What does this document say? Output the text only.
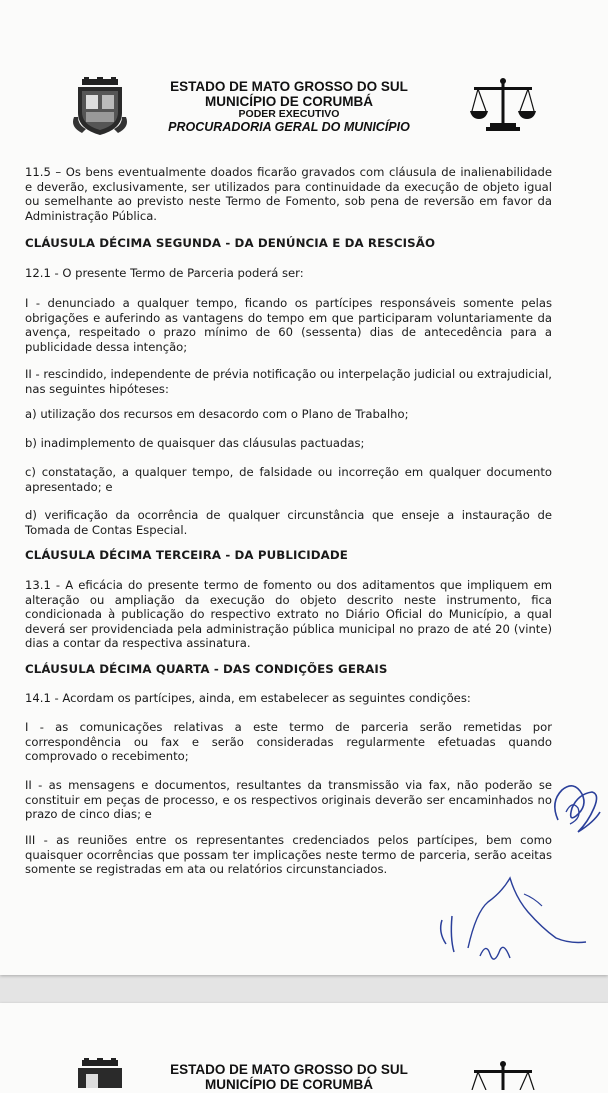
ESTADO DE MATO GROSSO DO SUL
MUNICÍPIO DE CORUMBÁ
PODER EXECUTIVO
PROCURADORIA GERAL DO MUNICÍPIO

11.5 – Os bens eventualmente doados ficarão gravados com cláusula de inalienabilidade e deverão, exclusivamente, ser utilizados para continuidade da execução de objeto igual ou semelhante ao previsto neste Termo de Fomento, sob pena de reversão em favor da Administração Pública.

CLÁUSULA DÉCIMA SEGUNDA - DA DENÚNCIA E DA RESCISÃO

12.1 - O presente Termo de Parceria poderá ser:

I - denunciado a qualquer tempo, ficando os partícipes responsáveis somente pelas obrigações e auferindo as vantagens do tempo em que participaram voluntariamente da avença, respeitado o prazo mínimo de 60 (sessenta) dias de antecedência para a publicidade dessa intenção;

II - rescindido, independente de prévia notificação ou interpelação judicial ou extrajudicial, nas seguintes hipóteses:

a) utilização dos recursos em desacordo com o Plano de Trabalho;

b) inadimplemento de quaisquer das cláusulas pactuadas;

c) constatação, a qualquer tempo, de falsidade ou incorreção em qualquer documento apresentado; e

d) verificação da ocorrência de qualquer circunstância que enseje a instauração de Tomada de Contas Especial.

CLÁUSULA DÉCIMA TERCEIRA - DA PUBLICIDADE

13.1 - A eficácia do presente termo de fomento ou dos aditamentos que impliquem em alteração ou ampliação da execução do objeto descrito neste instrumento, fica condicionada à publicação do respectivo extrato no Diário Oficial do Município, a qual deverá ser providenciada pela administração pública municipal no prazo de até 20 (vinte) dias a contar da respectiva assinatura.

CLÁUSULA DÉCIMA QUARTA - DAS CONDIÇÕES GERAIS

14.1 - Acordam os partícipes, ainda, em estabelecer as seguintes condições:

I - as comunicações relativas a este termo de parceria serão remetidas por correspondência ou fax e serão consideradas regularmente efetuadas quando comprovado o recebimento;

II - as mensagens e documentos, resultantes da transmissão via fax, não poderão se constituir em peças de processo, e os respectivos originais deverão ser encaminhados no prazo de cinco dias; e

III - as reuniões entre os representantes credenciados pelos partícipes, bem como quaisquer ocorrências que possam ter implicações neste termo de parceria, serão aceitas somente se registradas em ata ou relatórios circunstanciados.

ESTADO DE MATO GROSSO DO SUL
MUNICÍPIO DE CORUMBÁ
